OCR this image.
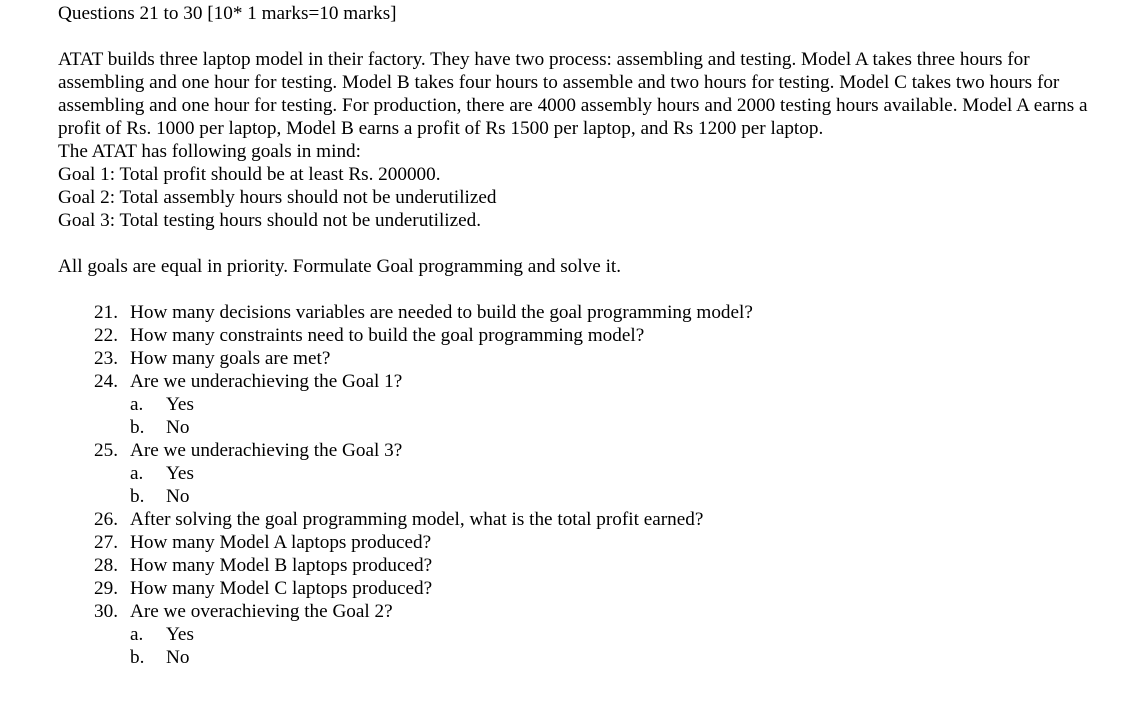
Questions 21 to 30 [10* 1 marks=10 marks]
ATAT builds three laptop model in their factory. They have two process: assembling and testing. Model A takes three hours for
assembling and one hour for testing. Model B takes four hours to assemble and two hours for testing. Model C takes two hours for
assembling and one hour for testing. For production, there are 4000 assembly hours and 2000 testing hours available. Model A earns a
profit of Rs. 1000 per laptop, Model B earns a profit of Rs 1500 per laptop, and Rs 1200 per laptop.
The ATAT has following goals in mind:
Goal 1: Total profit should be at least Rs. 200000.
Goal 2: Total assembly hours should not be underutilized
Goal 3: Total testing hours should not be underutilized.
All goals are equal in priority. Formulate Goal programming and solve it.
21. How many decisions variables are needed to build the goal programming model?
22. How many constraints need to build the goal programming model?
23. How many goals are met?
24. Are we underachieving the Goal 1?
a.	Yes
b.	No
25. Are we underachieving the Goal 3?
a.	Yes
b.	No
26. After solving the goal programming model, what is the total profit earned?
27. How many Model A laptops produced?
28. How many Model B laptops produced?
29. How many Model C laptops produced?
30. Are we overachieving the Goal 2?
a.	Yes
b.	No
